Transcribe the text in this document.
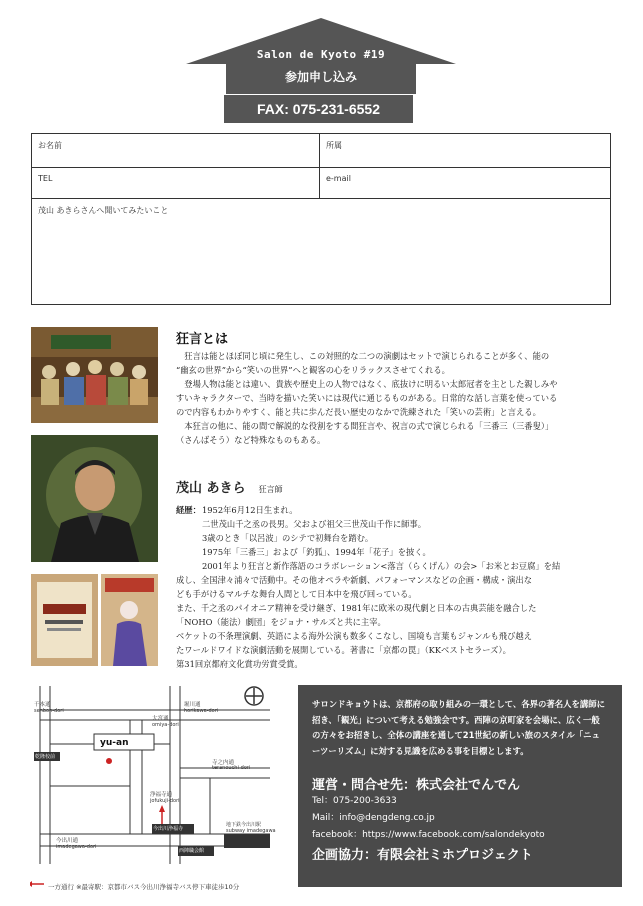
Salon de Kyoto #19
参加申し込み
FAX: 075-231-6552
お名前	所属
TEL	e-mail
茂山 あきらさんへ聞いてみたいこと
狂言とは

　狂言は能とほぼ同じ頃に発生し、この対照的な二つの演劇はセットで演じられることが多く、能の

“幽玄の世界”から“笑いの世界”へと観客の心をリラックスさせてくれる。

　登場人物は能とは違い、貴族や歴史上の人物ではなく、底抜けに明るい太郎冠者を主とした親しみや

すいキャラクターで、当時を描いた笑いには現代に通じるものがある。日常的な話し言葉を使っている

ので内容もわかりやすく、能と共に歩んだ長い歴史のなかで洗練された「笑いの芸術」と言える。

　本狂言の他に、能の間で解説的な役割をする間狂言や、祝言の式で演じられる「三番三（三番叟）」

（さんばそう）など特殊なものもある。

茂山 あきら 狂言師
経歴： 1952年6月12日生まれ。

二世茂山千之丞の長男。父および祖父三世茂山千作に師事。

3歳のとき「以呂波」のシテで初舞台を踏む。

1975年「三番三」および「釣狐」、1994年「花子」を披く。

2001年より狂言と新作落語のコラボレーション<落言（らくげん）の会>「お米とお豆腐」を結

成し、全国津々浦々で活動中。その他オペラや新劇、パフォーマンスなどの企画・構成・演出な

ども手がけるマルチな舞台人間として日本中を飛び回っている。

また、千之丞のパイオニア精神を受け継ぎ、1981年に欧米の現代劇と日本の古典芸能を融合した

「NOHO（能法）劇団」をジョナ・サルズと共に主宰。

ベケットの不条理演劇、英語による海外公演も数多くこなし、国境も言葉もジャンルも飛び越え

たワールドワイドな演劇活動を展開している。著書に「京都の罠」（KKベストセラーズ）。

第31回京都府文化賞功労賞受賞。

千本通
senbon-dori
堀川通
horikawa-dori
大宮通
omiya-dori
寺之内通
teranouchi-dori
浄福寺通
jofukuji-dori
今出川通
imadegawa-dori
yu-an
乾隆校前
今出川浄福寺
西陣職会館
地下鉄今出川駅
subway imadegawa
一方通行 ※最寄駅：京都市バス今出川浄福寺バス停下車徒歩10分
サロンドキョウトは、京都府の取り組みの一環として、各界の著名人を講師に招き、「観光」について考える勉強会です。西陣の京町家を会場に、広く一般の方々をお招きし、全体の講座を通して21世紀の新しい旅のスタイル「ニューツーリズム」に対する見識を広める事を目標とします。
運営・問合せ先：株式会社でんでん
Tel：075-200-3633
Mail：info@dengdeng.co.jp
facebook：https://www.facebook.com/salondekyoto
企画協力：有限会社ミホプロジェクト
